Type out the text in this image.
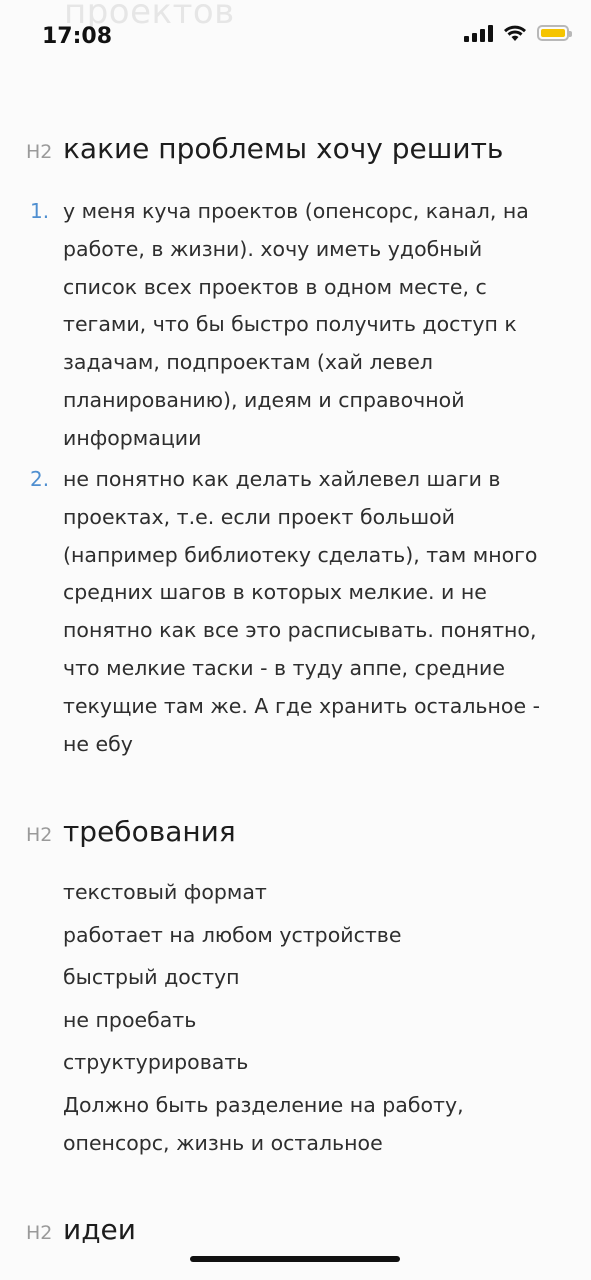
проектов
17:08
H2 какие проблемы хочу решить
1. у меня куча проектов (опенсорс, канал, на работе, в жизни). хочу иметь удобный список всех проектов в одном месте, с тегами, что бы быстро получить доступ к задачам, подпроектам (хай левел планированию), идеям и справочной информации
2. не понятно как делать хайлевел шаги в проектах, т.е. если проект большой (например библиотеку сделать), там много средних шагов в которых мелкие. и не понятно как все это расписывать. понятно, что мелкие таски - в туду аппе, средние текущие там же. А где хранить остальное - не ебу
H2 требования
текстовый формат
работает на любом устройстве
быстрый доступ
не проебать
структурировать
Должно быть разделение на работу, опенсорс, жизнь и остальное
H2 идеи
